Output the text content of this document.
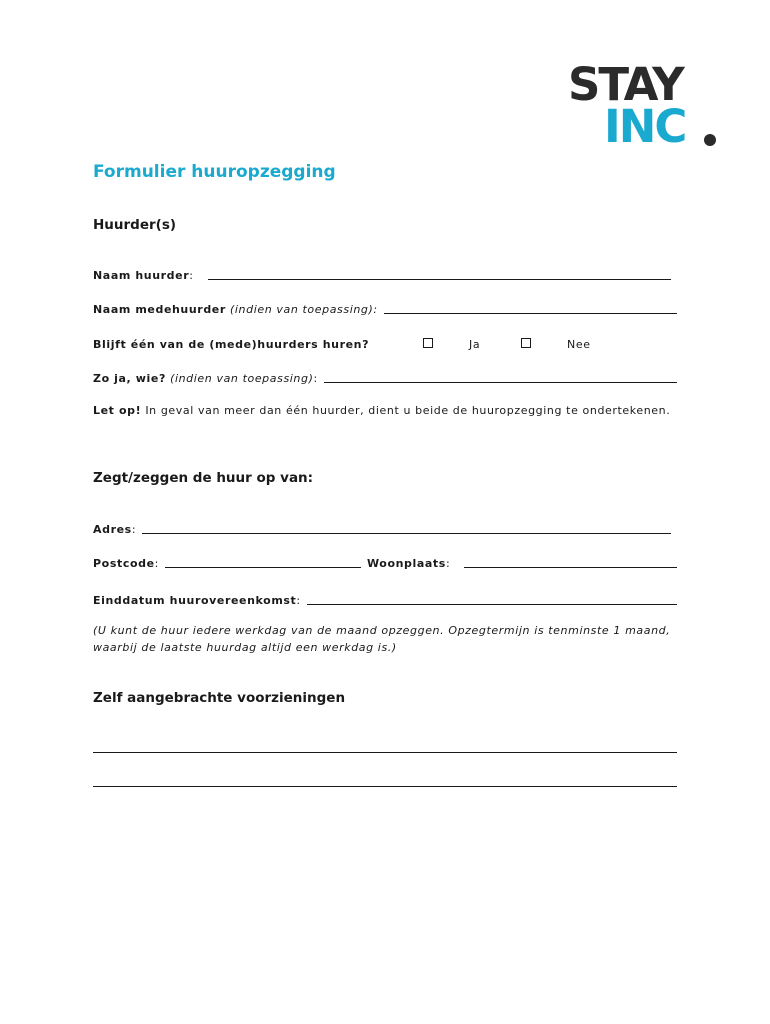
STAY
INC
Formulier huuropzegging
Huurder(s)
Naam huurder :
Naam medehuurder
(indien van toepassing):
Blijft één van de (mede)huurders huren?	Ja	Nee
Zo ja, wie?
(indien van toepassing) :
Let op! In geval van meer dan één huurder, dient u beide de huuropzegging te ondertekenen.
Zegt/zeggen de huur op van:
Adres :
Postcode :	Woonplaats :
Einddatum huurovereenkomst :
(U kunt de huur iedere werkdag van de maand opzeggen. Opzegtermijn is tenminste 1 maand, waarbij de laatste huurdag altijd een werkdag is.)
Zelf aangebrachte voorzieningen
